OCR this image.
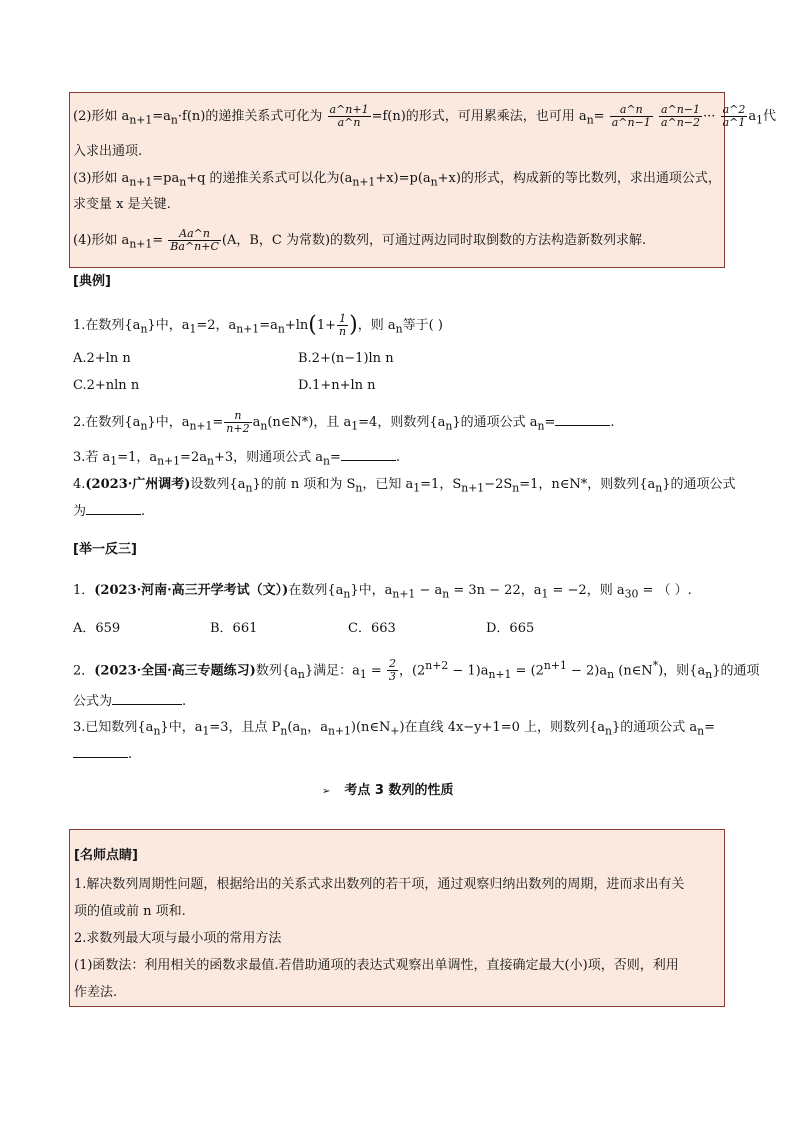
(2)形如 $a_{n+1}=a_n\cdot f(n)$的递推关系式可化为 $\frac{a\^{}n+1}{a\^{}n} =f(n)$的形式，可用累乘法，也可用 $a_n= \frac{a\^{}n}{a\^{}n-1}$
$\frac{a\^{}n-1}{a\^{}n-2}$ ··· $\frac{a\^{}2}{a\^{}1} a_1$代
入求出通项.
(3)形如 $a_{n+1}=pa_n+q$ 的递推关系式可以化为$(a_{n+1}+x)=p(a_n+x)$的形式，构成新的等比数列，求出通项公式，
求变量 x 是关键.
(4)形如 $a_{n+1}= \frac{Aa\^{}n}{Ba\^{}n+C} (A$，B，C 为常数)的数列，可通过两边同时取倒数的方法构造新数列求解.
[典例]
1.在数列$\{a_n\}$中，$a_1=2$，$a_{n+1}=a_n+\ln(1+ \frac{1}{n}$ )，则 $a_n$等于( )
A.2+ln n	B.2+(n−1)ln n
C.2+nln n	D.1+n+ln n
2.在数列$\{a_n\}$中，$a_{n+1}= \frac{n}{n+2}$ $a_n(n\in N*)$，且 $a_1=4$，则数列$\{a_n\}$的通项公式 $a_n=$	.
3.若 $a_1=1$，$a_{n+1}=2a_n+3$，则通项公式 $a_n=$	.
4.(2023·广州调考)设数列$\{a_n\}$的前 n 项和为 $S_n$，已知 $a_1=1$，$S_{n+1}-2S_n=1$，n∈N*，则数列$\{a_n\}$的通项公式
为	.
[举一反三]
1．(2023·河南·高三开学考试（文）)在数列$\{a_n\}$中，$a_{n+1} - a_n = 3n - 22$，$a_1 = -2$，则 $a_{30}$ = （ ）.
A．659	B．661	C．663	D．665
2．(2023·全国·高三专题练习)数列$\{a_n\}$满足：$a_1 = \frac{2}{3}$ ，$(2^{n+2} - 1)a_{n+1} = (2^{n+1} - 2)a_n$ (n∈N*)，则$\{a_n\}$的通项
公式为	.
3.已知数列$\{a_n\}$中，$a_1=3$，且点 $P_n(a_n$，$a_{n+1})(n\in N_+)$在直线 4x−y+1=0 上，则数列$\{a_n\}$的通项公式 $a_n=$
.
➢ 考点 3 数列的性质
[名师点睛]
1.解决数列周期性问题，根据给出的关系式求出数列的若干项，通过观察归纳出数列的周期，进而求出有关
项的值或前 n 项和.
2.求数列最大项与最小项的常用方法
(1)函数法：利用相关的函数求最值.若借助通项的表达式观察出单调性，直接确定最大(小)项，否则，利用
作差法.
